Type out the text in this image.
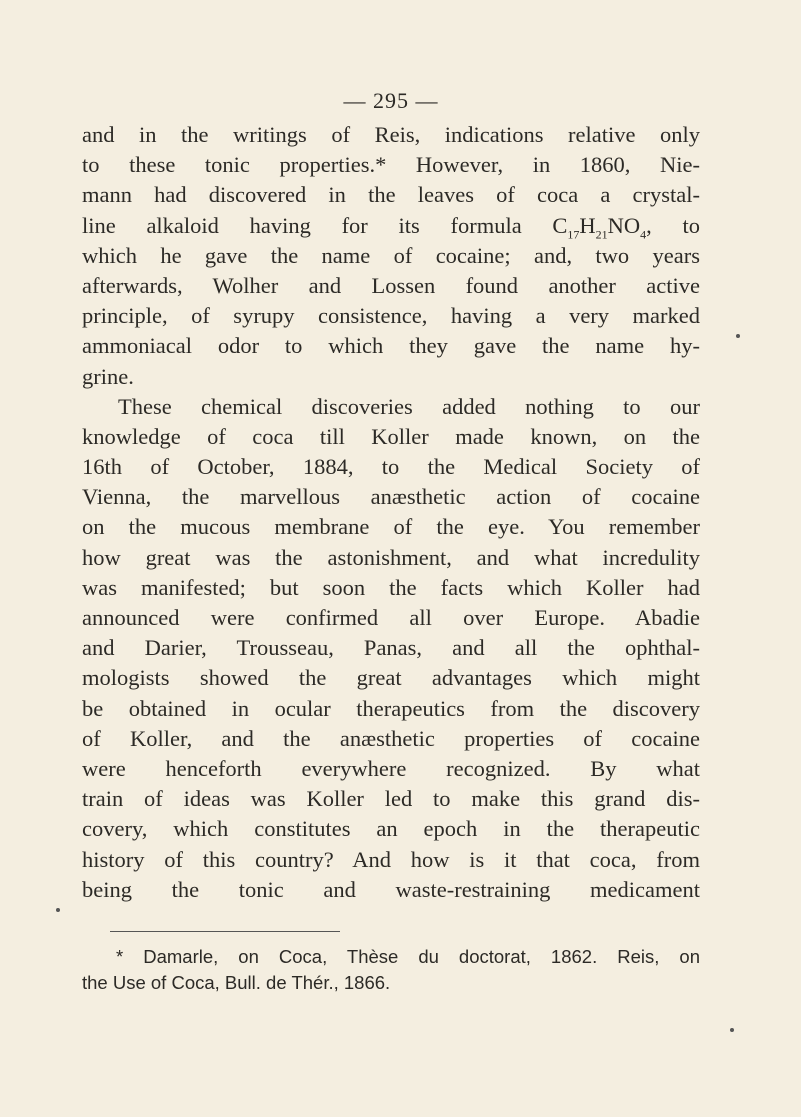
— 295 —
and in the writings of Reis, indications relative only
to these tonic properties.* However, in 1860, Nie-
mann had discovered in the leaves of coca a crystal-
line alkaloid having for its formula $C_{17}H_{21}NO_4$, to
which he gave the name of cocaine; and, two years
afterwards, Wolher and Lossen found another active
principle, of syrupy consistence, having a very marked
ammoniacal odor to which they gave the name hy-
grine.
These chemical discoveries added nothing to our
knowledge of coca till Koller made known, on the
16th of October, 1884, to the Medical Society of
Vienna, the marvellous anæsthetic action of cocaine
on the mucous membrane of the eye. You remember
how great was the astonishment, and what incredulity
was manifested; but soon the facts which Koller had
announced were confirmed all over Europe. Abadie
and Darier, Trousseau, Panas, and all the ophthal-
mologists showed the great advantages which might
be obtained in ocular therapeutics from the discovery
of Koller, and the anæsthetic properties of cocaine
were henceforth everywhere recognized. By what
train of ideas was Koller led to make this grand dis-
covery, which constitutes an epoch in the therapeutic
history of this country? And how is it that coca, from
being the tonic and waste-restraining medicament
* Damarle, on Coca, Thèse du doctorat, 1862. Reis, on
the Use of Coca, Bull. de Thér., 1866.
